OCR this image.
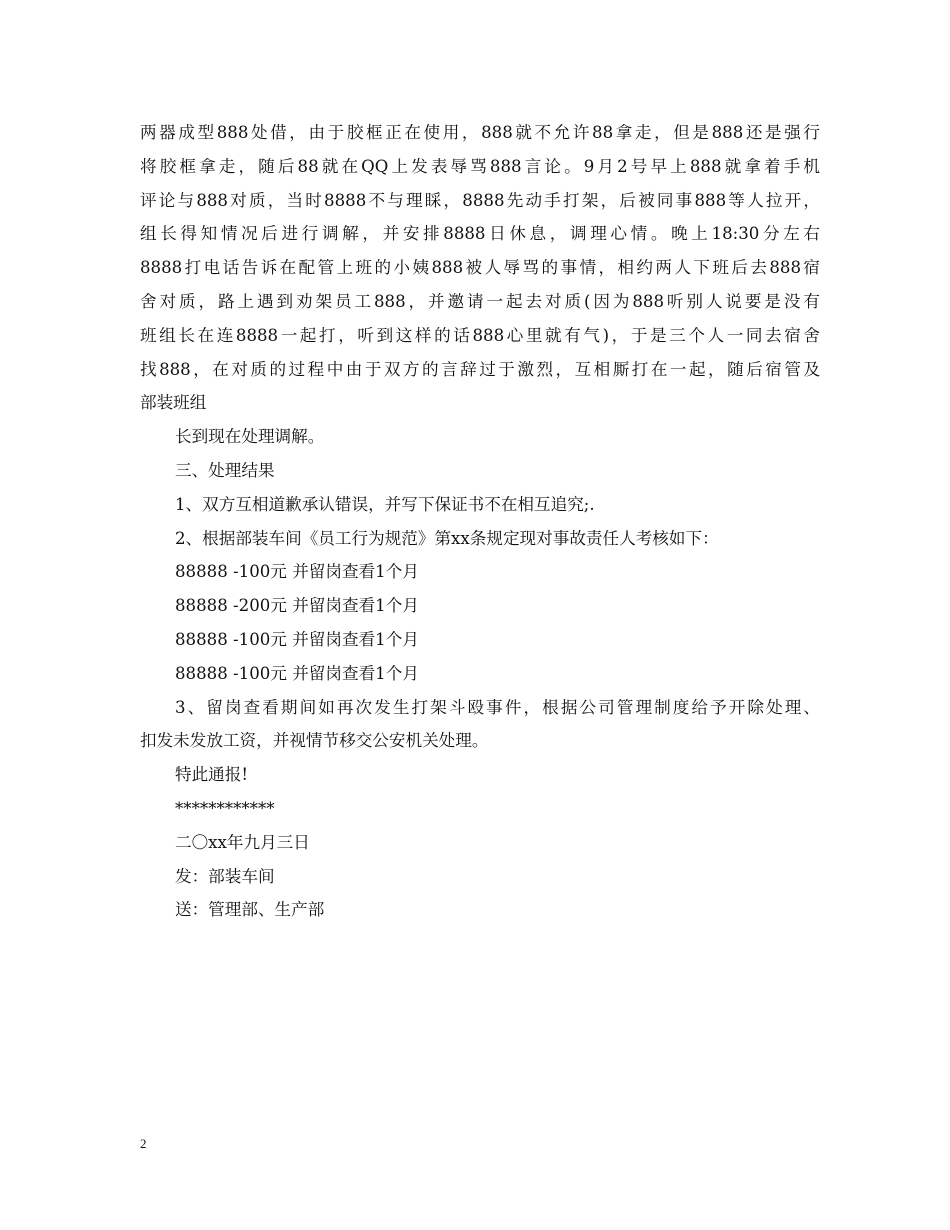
两器成型888处借，由于胶框正在使用，888就不允许88拿走，但是888还是强行
将胶框拿走，随后88就在QQ上发表辱骂888言论。9月2号早上888就拿着手机
评论与888对质，当时8888不与理睬，8888先动手打架，后被同事888等人拉开，
组长得知情况后进行调解，并安排8888日休息，调理心情。晚上18:30分左右
8888打电话告诉在配管上班的小姨888被人辱骂的事情，相约两人下班后去888宿
舍对质，路上遇到劝架员工888，并邀请一起去对质(因为888听别人说要是没有
班组长在连8888一起打，听到这样的话888心里就有气)，于是三个人一同去宿舍
找888，在对质的过程中由于双方的言辞过于激烈，互相厮打在一起，随后宿管及
部装班组
长到现在处理调解。
三、处理结果
1、双方互相道歉承认错误，并写下保证书不在相互追究;.
2、根据部装车间《员工行为规范》第xx条规定现对事故责任人考核如下：
88888 -100元 并留岗查看1个月
88888 -200元 并留岗查看1个月
88888 -100元 并留岗查看1个月
88888 -100元 并留岗查看1个月
3、留岗查看期间如再次发生打架斗殴事件，根据公司管理制度给予开除处理、
扣发未发放工资，并视情节移交公安机关处理。
特此通报!
************
二〇xx年九月三日
发：部装车间
送：管理部、生产部
2
